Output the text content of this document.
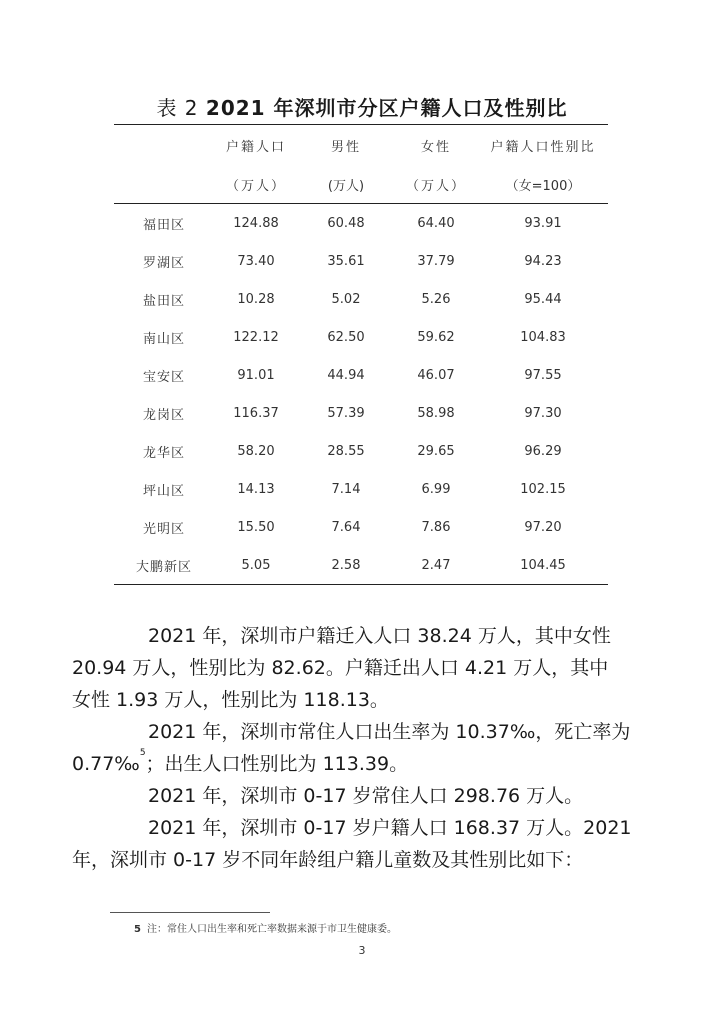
表 2 2021 年深圳市分区户籍人口及性别比
	户籍人口	男性	女性	户籍人口性别比
	（万人）	(万人)	（万人）	（女=100）
福田区	124.88	60.48	64.40	93.91
罗湖区	73.40	35.61	37.79	94.23
盐田区	10.28	5.02	5.26	95.44
南山区	122.12	62.50	59.62	104.83
宝安区	91.01	44.94	46.07	97.55
龙岗区	116.37	57.39	58.98	97.30
龙华区	58.20	28.55	29.65	96.29
坪山区	14.13	7.14	6.99	102.15
光明区	15.50	7.64	7.86	97.20
大鹏新区	5.05	2.58	2.47	104.45
2021 年，深圳市户籍迁入人口 38.24 万人，其中女性
20.94 万人，性别比为 82.62。户籍迁出人口 4.21 万人，其中
女性 1.93 万人，性别比为 118.13。
2021 年，深圳市常住人口出生率为 10.37‰，死亡率为
0.77‰$^5$；出生人口性别比为 113.39。
2021 年，深圳市 0-17 岁常住人口 298.76 万人。
2021 年，深圳市 0-17 岁户籍人口 168.37 万人。2021
年，深圳市 0-17 岁不同年龄组户籍儿童数及其性别比如下：
5 注：常住人口出生率和死亡率数据来源于市卫生健康委。
3
